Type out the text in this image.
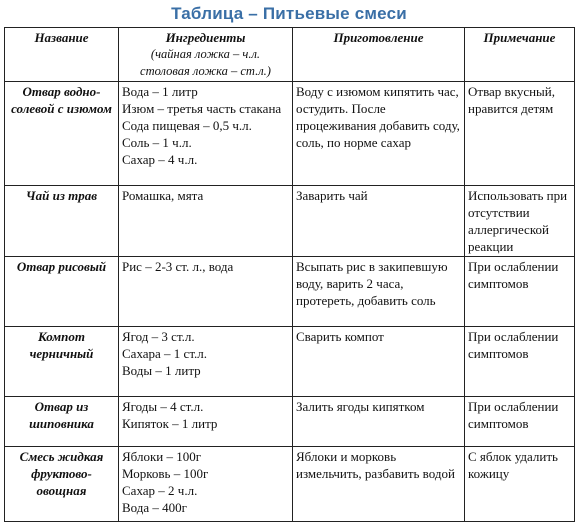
Таблица – Питьевые смеси
Название	Ингредиенты
(чайная ложка – ч.л.
столовая ложка – ст.л.)	Приготовление	Примечание
Отвар водно-солевой с изюмом	Вода – 1 литр
Изюм – третья часть стакана
Сода пищевая – 0,5 ч.л.
Соль – 1 ч.л.
Сахар – 4 ч.л.	Воду с изюмом кипятить час, остудить. После процеживания добавить соду, соль, по норме сахар	Отвар вкусный, нравится детям
Чай из трав	Ромашка, мята	Заварить чай	Использовать при отсутствии аллергической реакции
Отвар рисовый	Рис – 2-3 ст. л., вода	Всыпать рис в закипевшую воду, варить 2 часа, протереть, добавить соль	При ослаблении симптомов
Компот черничный	Ягод – 3 ст.л.
Сахара – 1 ст.л.
Воды – 1 литр	Сварить компот	При ослаблении симптомов
Отвар из шиповника	Ягоды – 4 ст.л.
Кипяток – 1 литр	Залить ягоды кипятком	При ослаблении симптомов
Смесь жидкая фруктово-овощная	Яблоки – 100г
Морковь – 100г
Сахар – 2 ч.л.
Вода – 400г	Яблоки и морковь измельчить, разбавить водой	С яблок удалить кожицу
